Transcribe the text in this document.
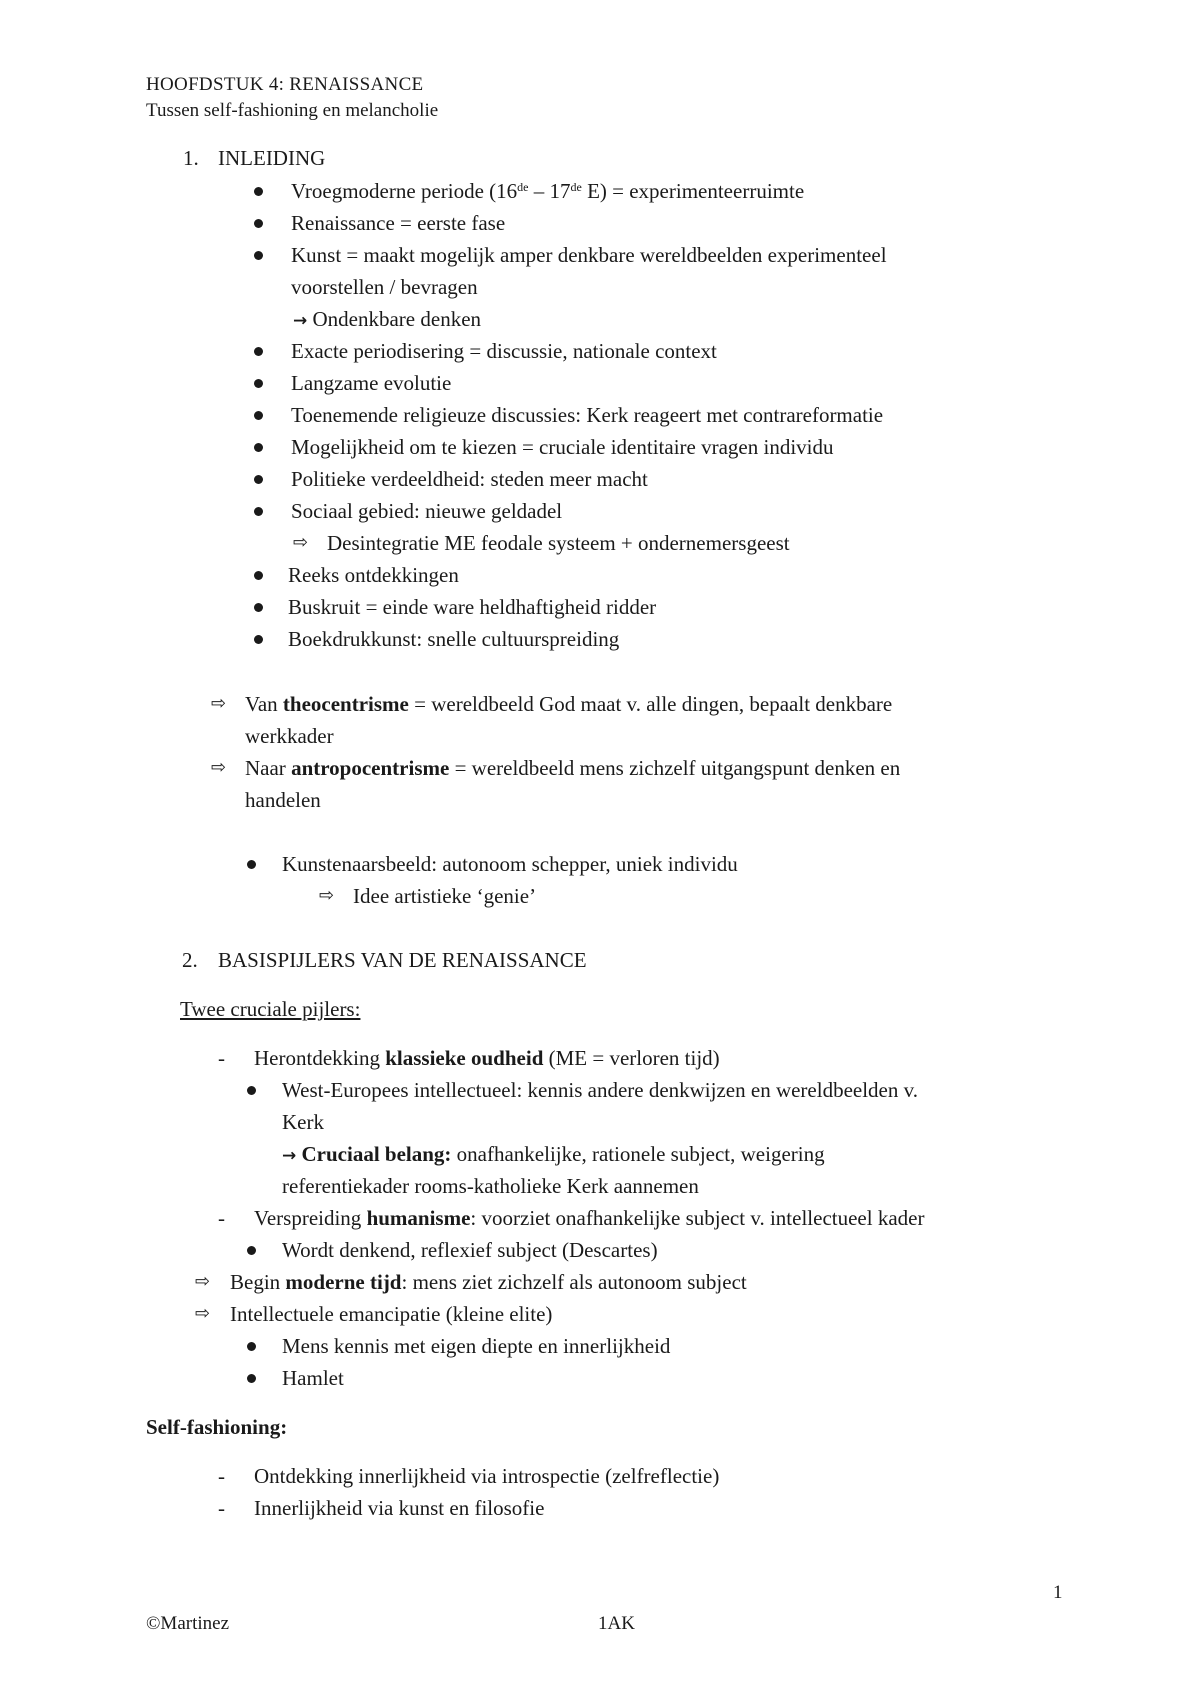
HOOFDSTUK 4: RENAISSANCE
Tussen self-fashioning en melancholie
1. INLEIDING
Vroegmoderne periode (16de – 17de E) = experimenteerruimte
Renaissance = eerste fase
Kunst = maakt mogelijk amper denkbare wereldbeelden experimenteel
voorstellen / bevragen
→ Ondenkbare denken
Exacte periodisering = discussie, nationale context
Langzame evolutie
Toenemende religieuze discussies: Kerk reageert met contrareformatie
Mogelijkheid om te kiezen = cruciale identitaire vragen individu
Politieke verdeeldheid: steden meer macht
Sociaal gebied: nieuwe geldadel
⇨ Desintegratie ME feodale systeem + ondernemersgeest
Reeks ontdekkingen
Buskruit = einde ware heldhaftigheid ridder
Boekdrukkunst: snelle cultuurspreiding
⇨ Van theocentrisme = wereldbeeld God maat v. alle dingen, bepaalt denkbare
werkkader
⇨ Naar antropocentrisme = wereldbeeld mens zichzelf uitgangspunt denken en
handelen
Kunstenaarsbeeld: autonoom schepper, uniek individu
⇨ Idee artistieke ‘genie’
2. BASISPIJLERS VAN DE RENAISSANCE
Twee cruciale pijlers:
- Herontdekking klassieke oudheid (ME = verloren tijd)
West-Europees intellectueel: kennis andere denkwijzen en wereldbeelden v.
Kerk
→ Cruciaal belang: onafhankelijke, rationele subject, weigering
referentiekader rooms-katholieke Kerk aannemen
- Verspreiding humanisme: voorziet onafhankelijke subject v. intellectueel kader
Wordt denkend, reflexief subject (Descartes)
⇨ Begin moderne tijd: mens ziet zichzelf als autonoom subject
⇨ Intellectuele emancipatie (kleine elite)
Mens kennis met eigen diepte en innerlijkheid
Hamlet
Self-fashioning:
- Ontdekking innerlijkheid via introspectie (zelfreflectie)
- Innerlijkheid via kunst en filosofie
1
©Martinez	1AK
